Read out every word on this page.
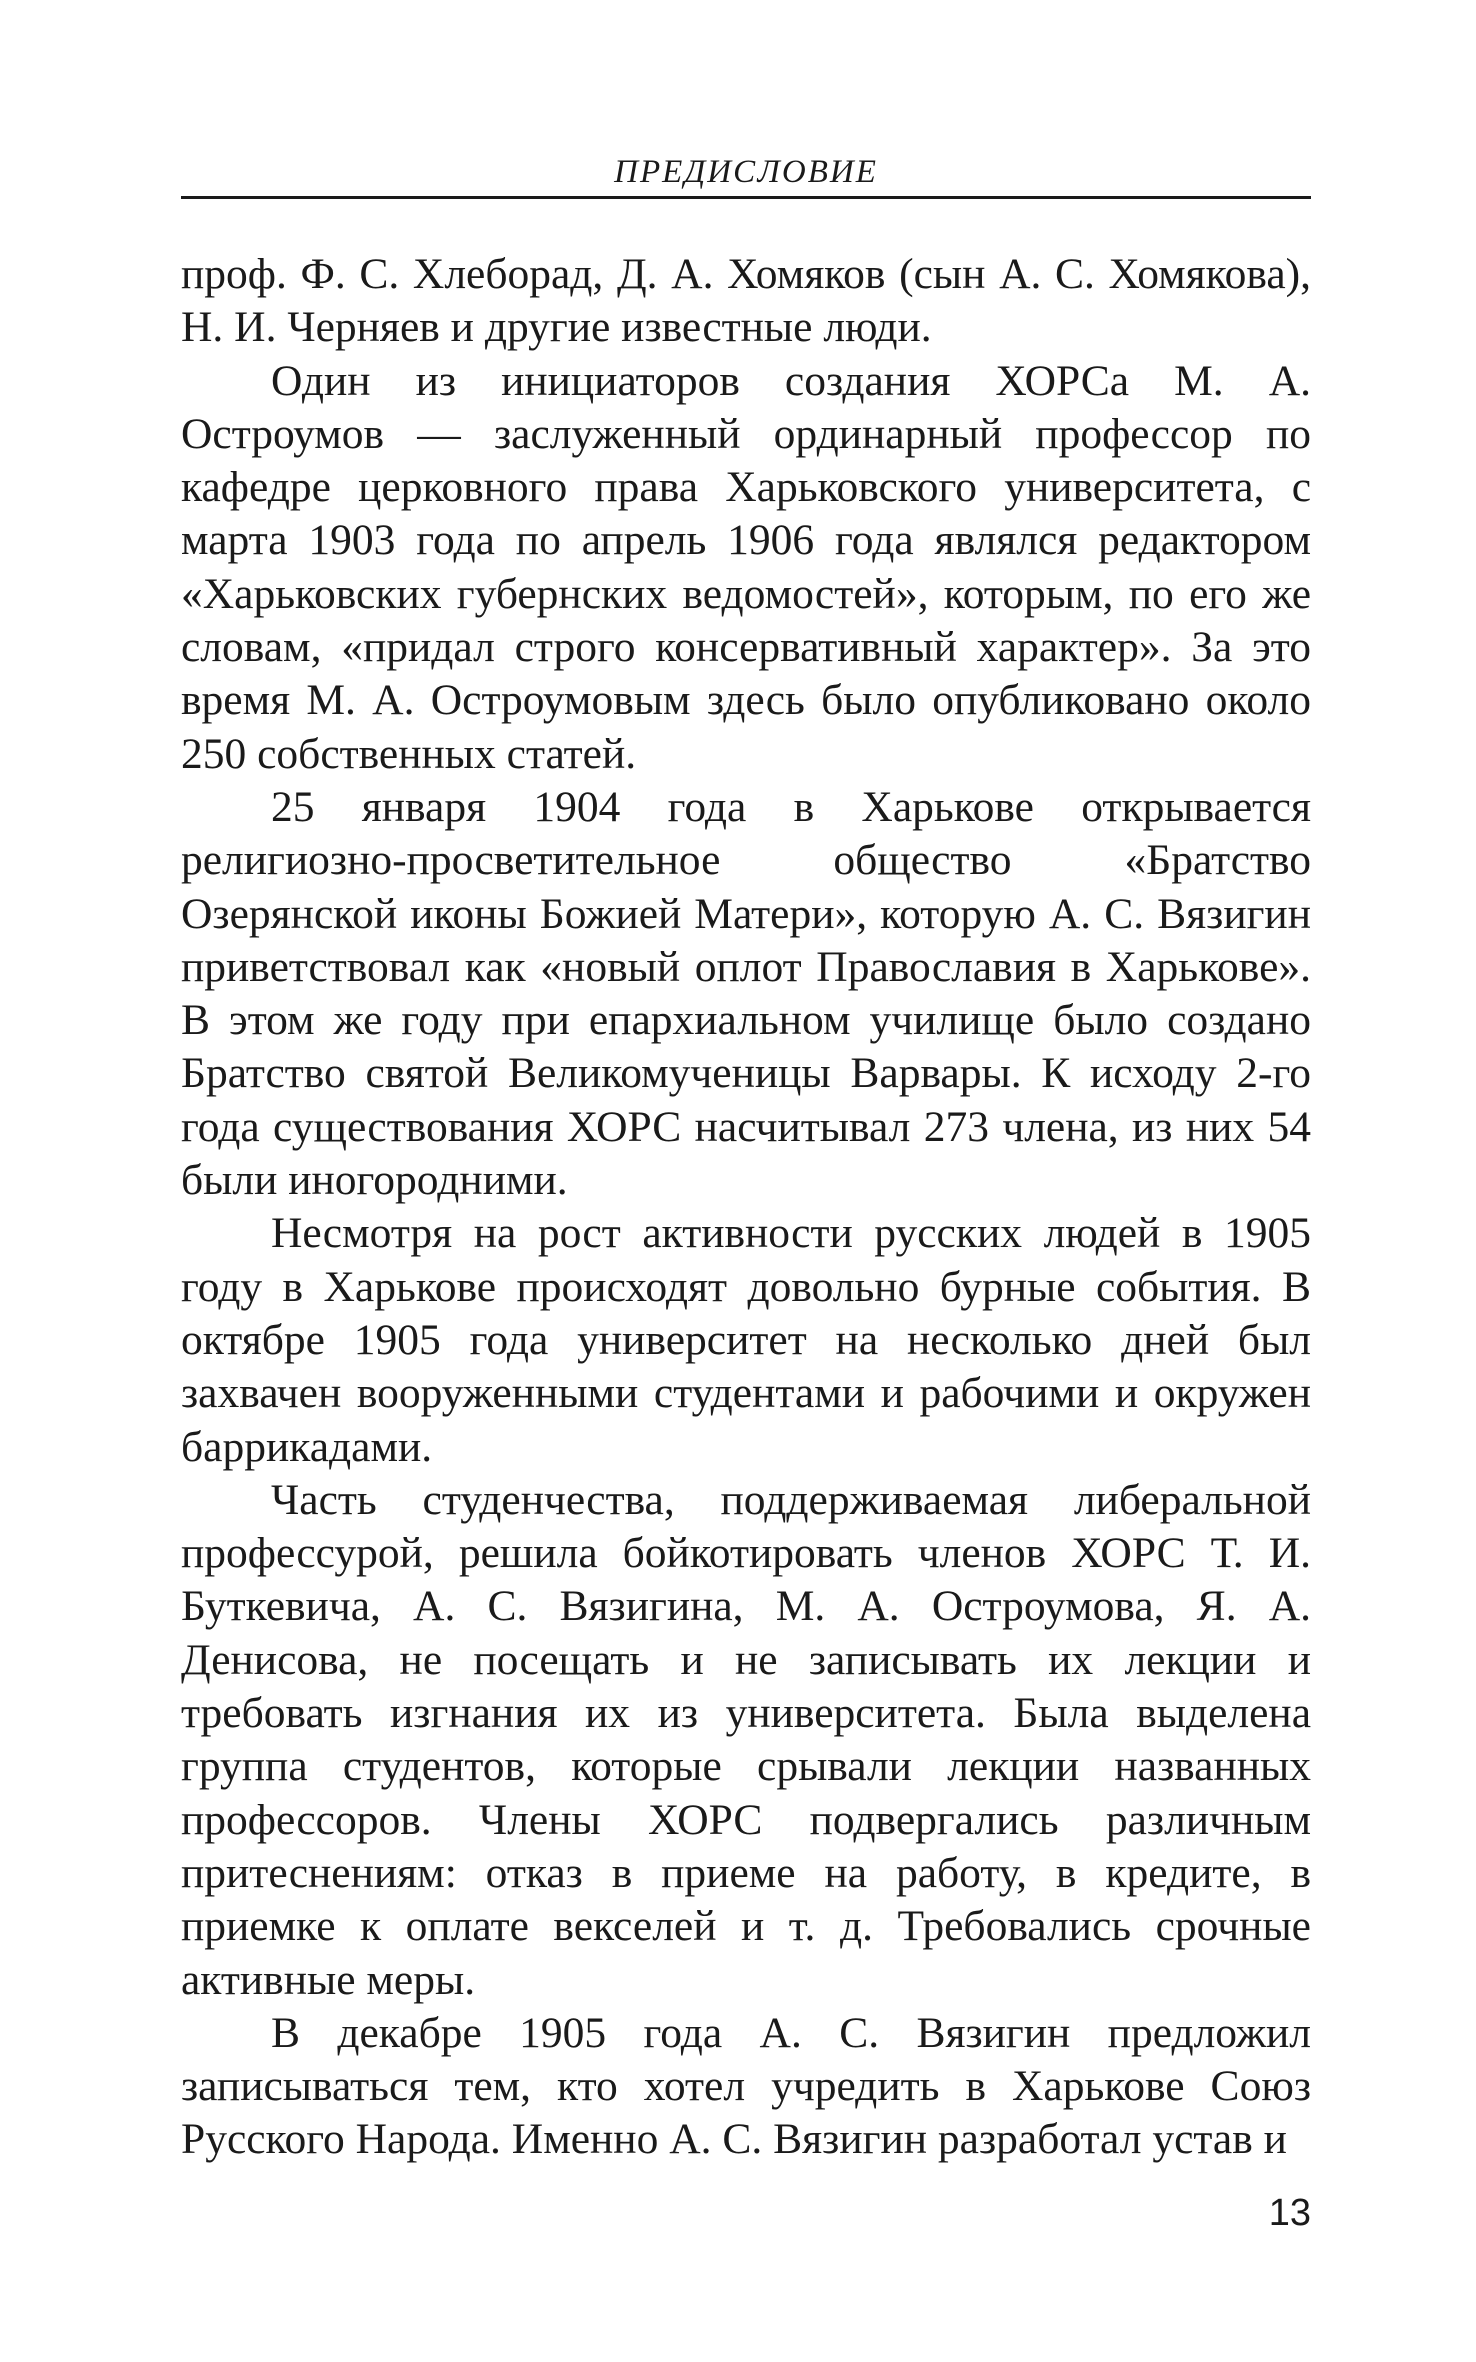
ПРЕДИСЛОВИЕ

проф. Ф. С. Хлеборад, Д. А. Хомяков (сын А. С. Хомякова), Н. И. Черняев и другие известные люди.

Один из инициаторов создания ХОРСа М. А. Остроумов — заслуженный ординарный профессор по кафедре церковного права Харьковского университета, с марта 1903 года по апрель 1906 года являлся редактором «Харьковских губернских ведомостей», которым, по его же словам, «придал строго консервативный характер». За это время М. А. Остроумовым здесь было опубликовано около 250 собственных статей.

25 января 1904 года в Харькове открывается религиозно-просветительное общество «Братство Озерянской иконы Божией Матери», которую А. С. Вязигин приветствовал как «новый оплот Православия в Харькове». В этом же году при епархиальном училище было создано Братство святой Великомученицы Варвары. К исходу 2-го года существования ХОРС насчитывал 273 члена, из них 54 были иногородними.

Несмотря на рост активности русских людей в 1905 году в Харькове происходят довольно бурные события. В октябре 1905 года университет на несколько дней был захвачен вооруженными студентами и рабочими и окружен баррикадами.

Часть студенчества, поддерживаемая либеральной профессурой, решила бойкотировать членов ХОРС Т. И. Буткевича, А. С. Вязигина, М. А. Остроумова, Я. А. Денисова, не посещать и не записывать их лекции и требовать изгнания их из университета. Была выделена группа студентов, которые срывали лекции названных профессоров. Члены ХОРС подвергались различным притеснениям: отказ в приеме на работу, в кредите, в приемке к оплате векселей и т. д. Требовались срочные активные меры.

В декабре 1905 года А. С. Вязигин предложил записываться тем, кто хотел учредить в Харькове Союз Русского Народа. Именно А. С. Вязигин разработал устав и

13
